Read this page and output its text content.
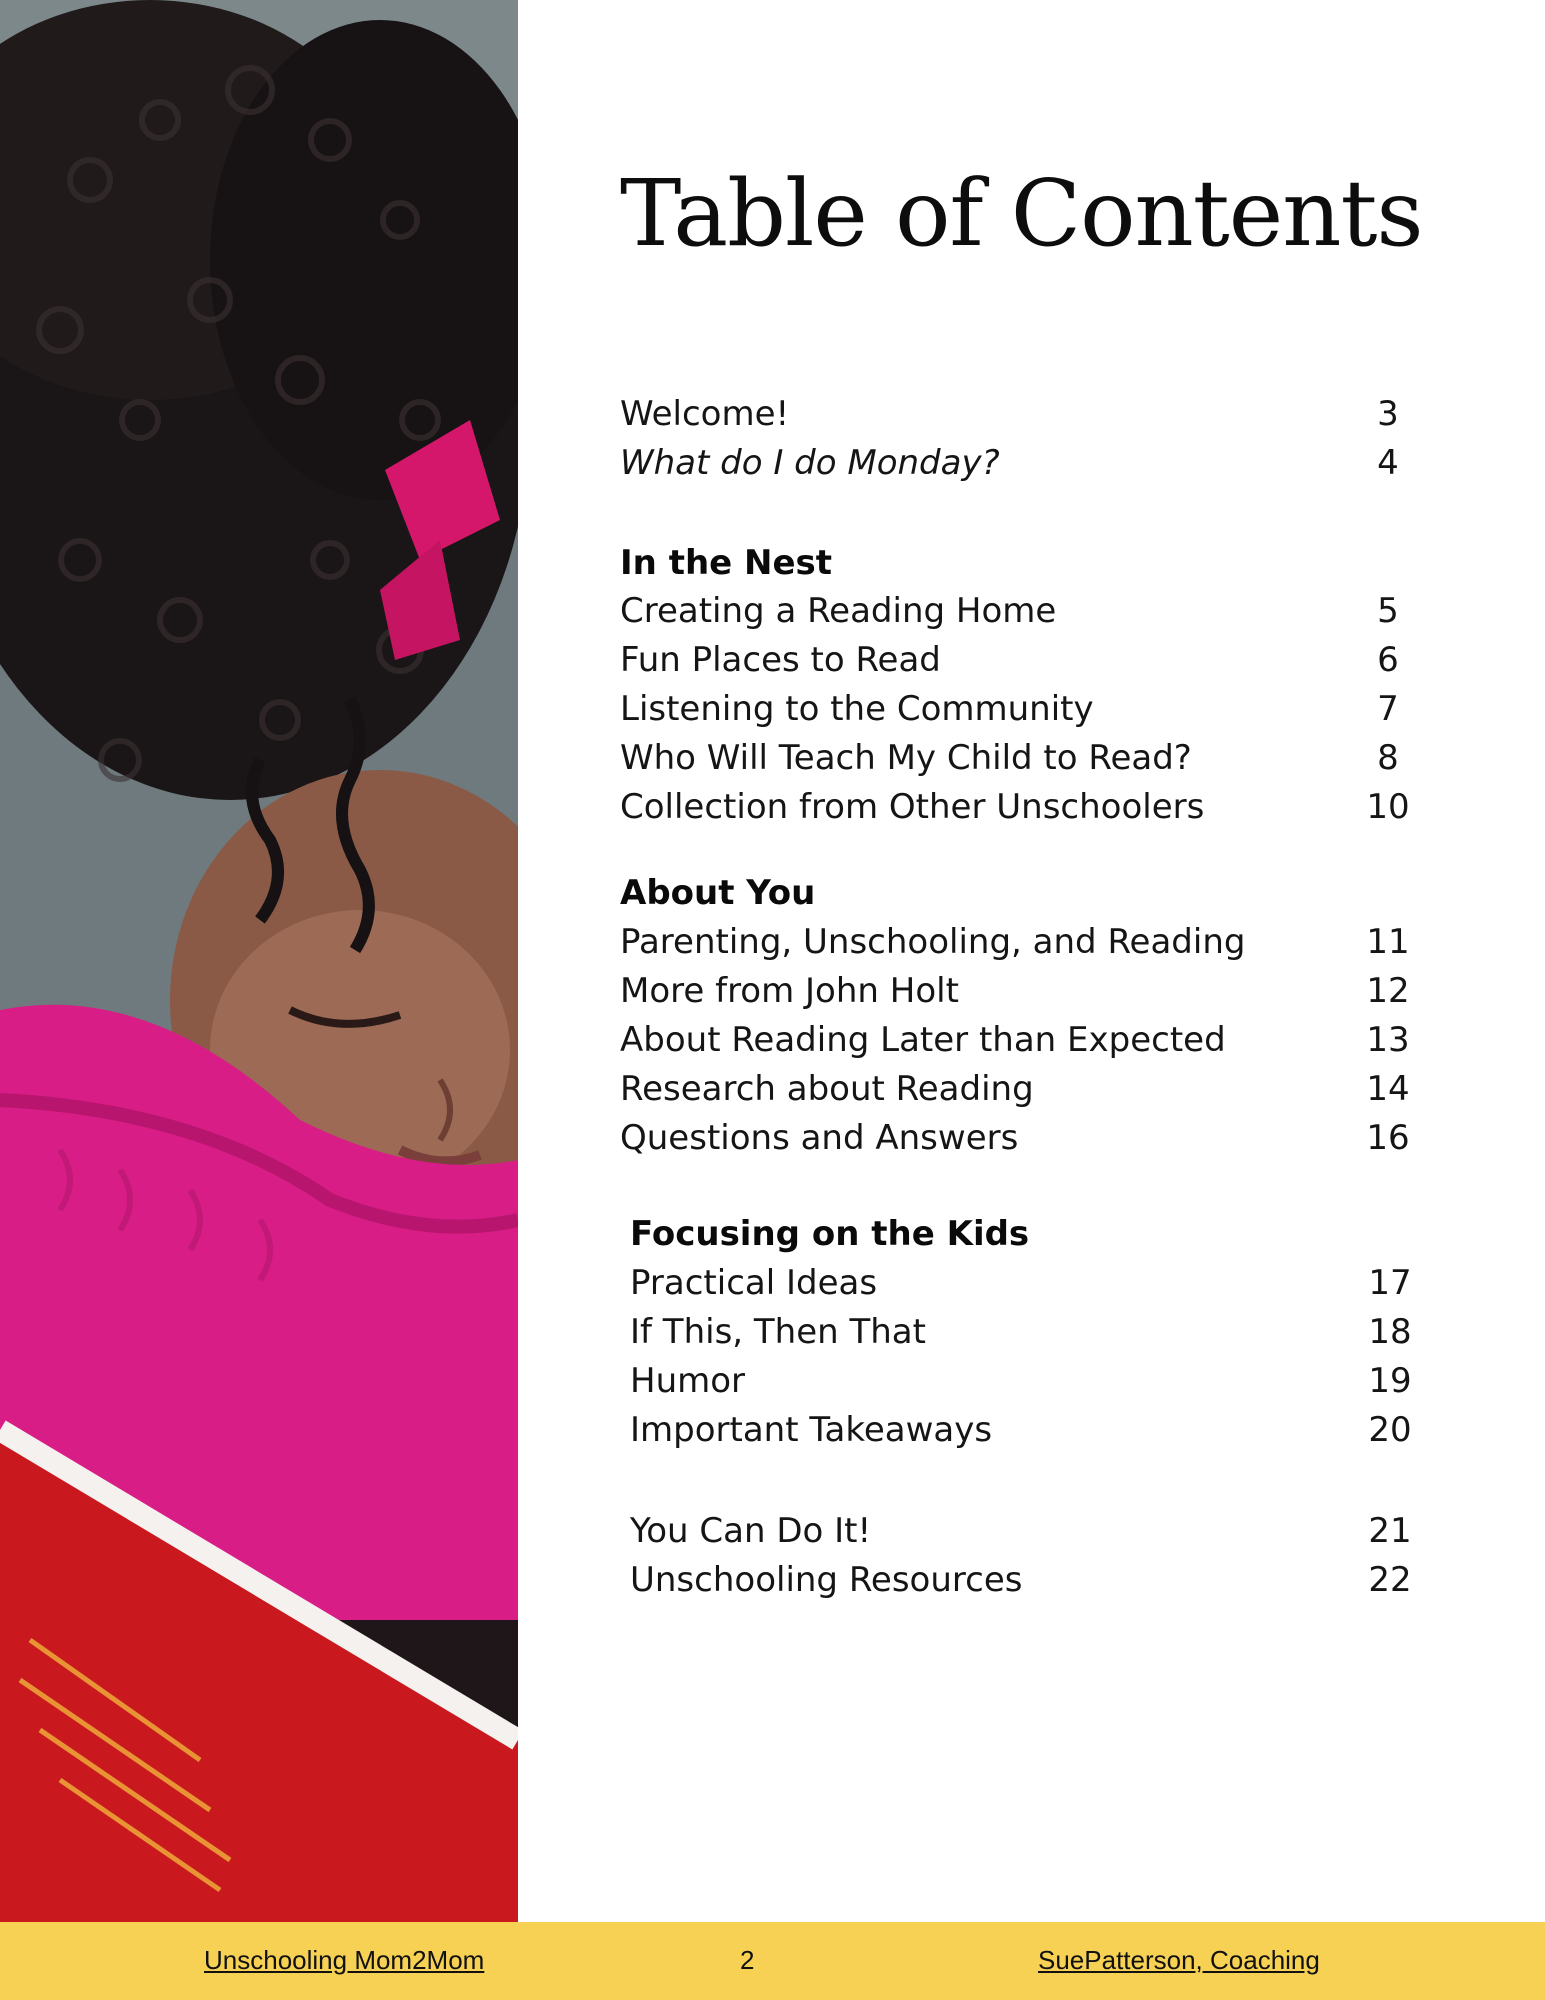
Table of Contents
Welcome!	3
What do I do Monday?	4
In the Nest
Creating a Reading Home	5
Fun Places to Read	6
Listening to the Community	7
Who Will Teach My Child to Read?	8
Collection from Other Unschoolers	10
About You
Parenting, Unschooling, and Reading	11
More from John Holt	12
About Reading Later than Expected	13
Research about Reading	14
Questions and Answers	16
Focusing on the Kids
Practical Ideas	17
If This, Then That	18
Humor	19
Important Takeaways	20
You Can Do It!	21
Unschooling Resources	22
Unschooling Mom2Mom	2	SuePatterson, Coaching
